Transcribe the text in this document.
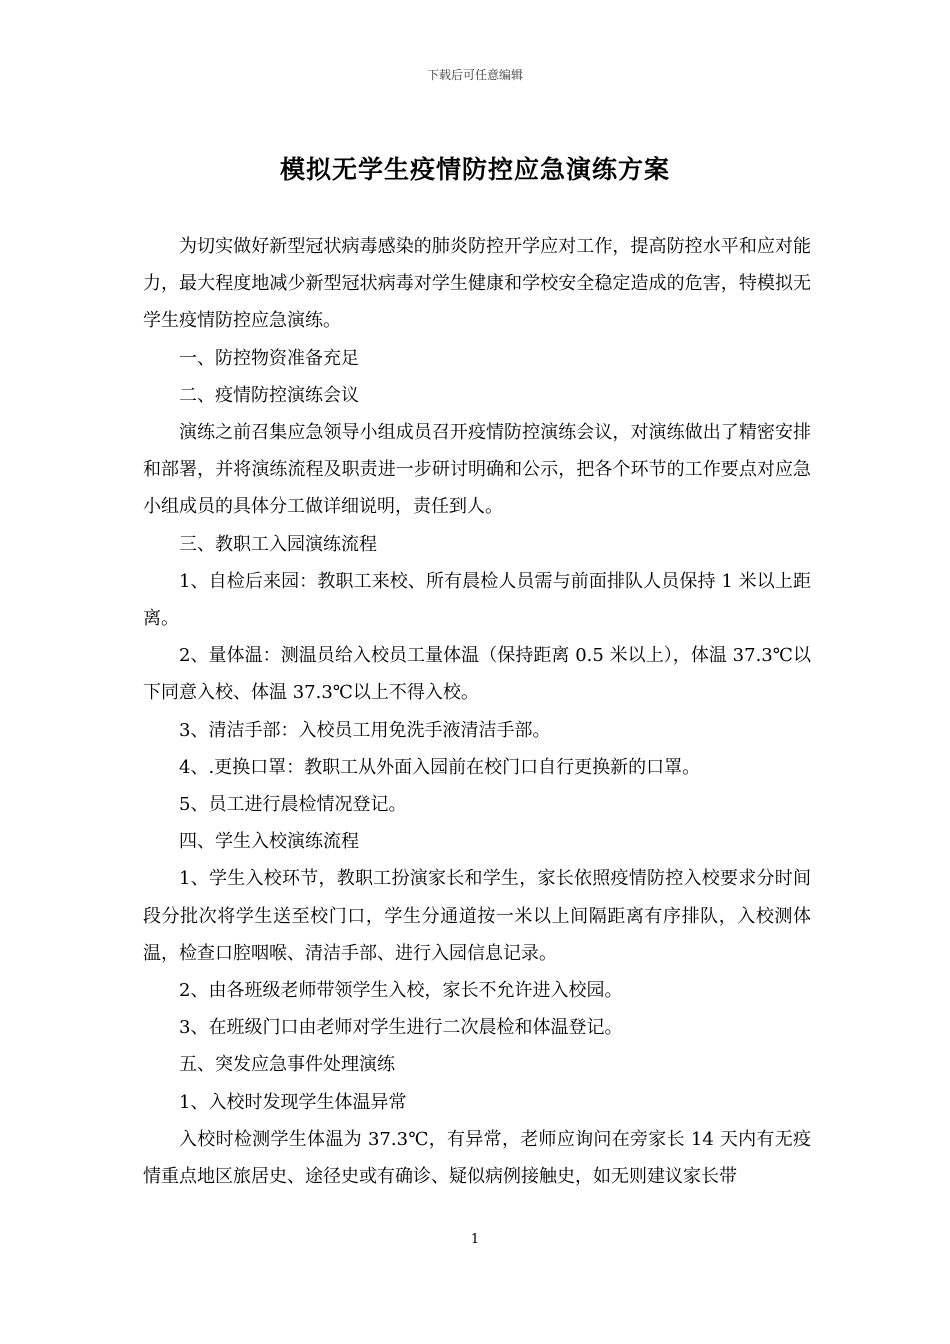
下载后可任意编辑
模拟无学生疫情防控应急演练方案

为切实做好新型冠状病毒感染的肺炎防控开学应对工作，提高防控水平和应对能力，最大程度地减少新型冠状病毒对学生健康和学校安全稳定造成的危害，特模拟无学生疫情防控应急演练。

一、防控物资准备充足

二、疫情防控演练会议

演练之前召集应急领导小组成员召开疫情防控演练会议，对演练做出了精密安排和部署，并将演练流程及职责进一步研讨明确和公示，把各个环节的工作要点对应急小组成员的具体分工做详细说明，责任到人。

三、教职工入园演练流程

1、自检后来园：教职工来校、所有晨检人员需与前面排队人员保持 1 米以上距离。

2、量体温：测温员给入校员工量体温（保持距离 0.5 米以上），体温 37.3℃以下同意入校、体温 37.3℃以上不得入校。

3、清洁手部：入校员工用免洗手液清洁手部。

4、.更换口罩：教职工从外面入园前在校门口自行更换新的口罩。

5、员工进行晨检情况登记。

四、学生入校演练流程

1、学生入校环节，教职工扮演家长和学生，家长依照疫情防控入校要求分时间段分批次将学生送至校门口，学生分通道按一米以上间隔距离有序排队，入校测体温，检查口腔咽喉、清洁手部、进行入园信息记录。

2、由各班级老师带领学生入校，家长不允许进入校园。

3、在班级门口由老师对学生进行二次晨检和体温登记。

五、突发应急事件处理演练

1、入校时发现学生体温异常

入校时检测学生体温为 37.3℃，有异常，老师应询问在旁家长 14 天内有无疫情重点地区旅居史、途径史或有确诊、疑似病例接触史，如无则建议家长带

1
